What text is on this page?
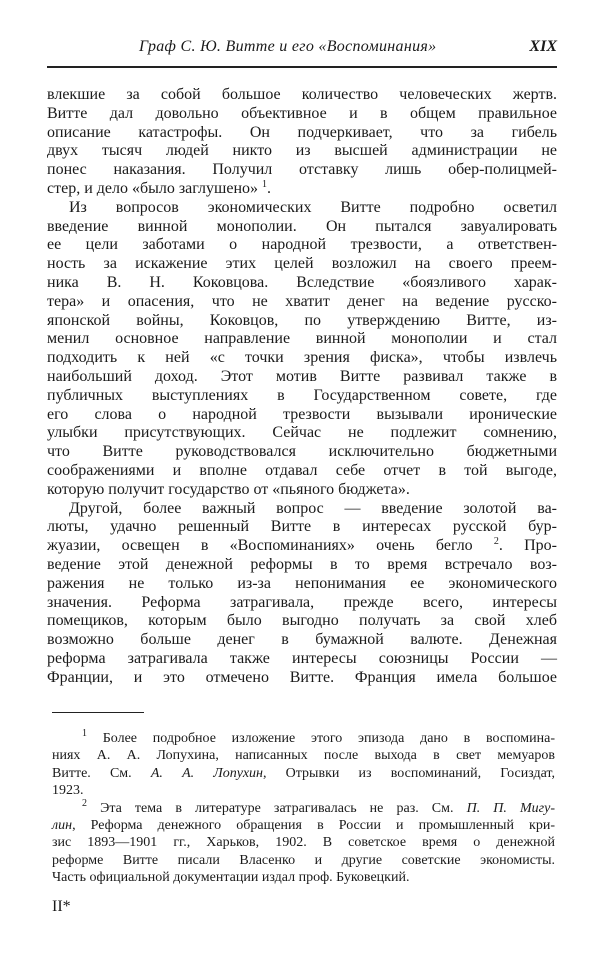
Граф С. Ю. Витте и его «Воспоминания»	XIX
влекшие за собой большое количество человеческих жертв.
Витте дал довольно объективное и в общем правильное
описание катастрофы. Он подчеркивает, что за гибель
двух тысяч людей никто из высшей администрации не
понес наказания. Получил отставку лишь обер-полицмей-
стер, и дело «было заглушено» $^1$.
Из вопросов экономических Витте подробно осветил
введение винной монополии. Он пытался завуалировать
ее цели заботами о народной трезвости, а ответствен-
ность за искажение этих целей возложил на своего преем-
ника В. Н. Коковцова. Вследствие «боязливого харак-
тера» и опасения, что не хватит денег на ведение русско-
японской войны, Коковцов, по утверждению Витте, из-
менил основное направление винной монополии и стал
подходить к ней «с точки зрения фиска», чтобы извлечь
наибольший доход. Этот мотив Витте развивал также в
публичных выступлениях в Государственном совете, где
его слова о народной трезвости вызывали иронические
улыбки присутствующих. Сейчас не подлежит сомнению,
что Витте руководствовался исключительно бюджетными
соображениями и вполне отдавал себе отчет в той выгоде,
которую получит государство от «пьяного бюджета».
Другой, более важный вопрос — введение золотой ва-
люты, удачно решенный Витте в интересах русской бур-
жуазии, освещен в «Воспоминаниях» очень бегло $^2$. Про-
ведение этой денежной реформы в то время встречало воз-
ражения не только из-за непонимания ее экономического
значения. Реформа затрагивала, прежде всего, интересы
помещиков, которым было выгодно получать за свой хлеб
возможно больше денег в бумажной валюте. Денежная
реформа затрагивала также интересы союзницы России —
Франции, и это отмечено Витте. Франция имела большое
$^1$ Более подробное изложение этого эпизода дано в воспомина-
ниях А. А. Лопухина, написанных после выхода в свет мемуаров
Витте. См. А. А. Лопухин, Отрывки из воспоминаний, Госиздат,
1923.
$^2$ Эта тема в литературе затрагивалась не раз. См. П. П. Мигу-
лин, Реформа денежного обращения в России и промышленный кри-
зис 1893—1901 гг., Харьков, 1902. В советское время о денежной
реформе Витте писали Власенко и другие советские экономисты.
Часть официальной документации издал проф. Буковецкий.
II*
